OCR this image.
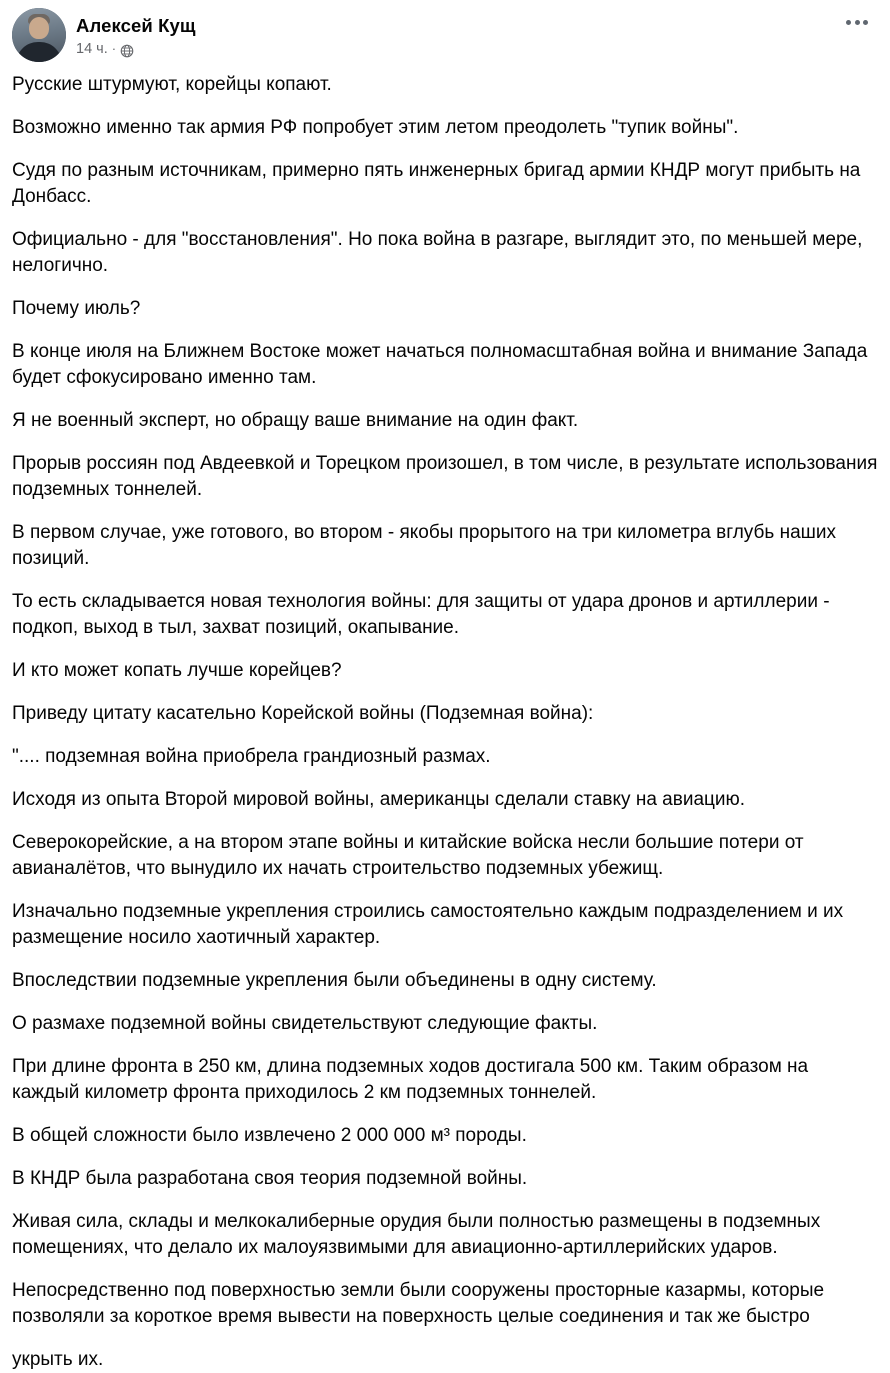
Алексей Кущ
14 ч. ·

Русские штурмуют, корейцы копают.

Возможно именно так армия РФ попробует этим летом преодолеть "тупик войны".

Судя по разным источникам, примерно пять инженерных бригад армии КНДР могут прибыть на Донбасс.

Официально - для "восстановления". Но пока война в разгаре, выглядит это, по меньшей мере, нелогично.

Почему июль?

В конце июля на Ближнем Востоке может начаться полномасштабная война и внимание Запада будет сфокусировано именно там.

Я не военный эксперт, но обращу ваше внимание на один факт.

Прорыв россиян под Авдеевкой и Торецком произошел, в том числе, в результате использования подземных тоннелей.

В первом случае, уже готового, во втором - якобы прорытого на три километра вглубь наших позиций.

То есть складывается новая технология войны: для защиты от удара дронов и артиллерии - подкоп, выход в тыл, захват позиций, окапывание.

И кто может копать лучше корейцев?

Приведу цитату касательно Корейской войны (Подземная война):

".... подземная война приобрела грандиозный размах.

Исходя из опыта Второй мировой войны, американцы сделали ставку на авиацию.

Северокорейские, а на втором этапе войны и китайские войска несли большие потери от авианалётов, что вынудило их начать строительство подземных убежищ.

Изначально подземные укрепления строились самостоятельно каждым подразделением и их размещение носило хаотичный характер.

Впоследствии подземные укрепления были объединены в одну систему.

О размахе подземной войны свидетельствуют следующие факты.

При длине фронта в 250 км, длина подземных ходов достигала 500 км. Таким образом на каждый километр фронта приходилось 2 км подземных тоннелей.

В общей сложности было извлечено 2 000 000 м³ породы.

В КНДР была разработана своя теория подземной войны.

Живая сила, склады и мелкокалиберные орудия были полностью размещены в подземных помещениях, что делало их малоуязвимыми для авиационно-артиллерийских ударов.

Непосредственно под поверхностью земли были сооружены просторные казармы, которые позволяли за короткое время вывести на поверхность целые соединения и так же быстро

укрыть их.
